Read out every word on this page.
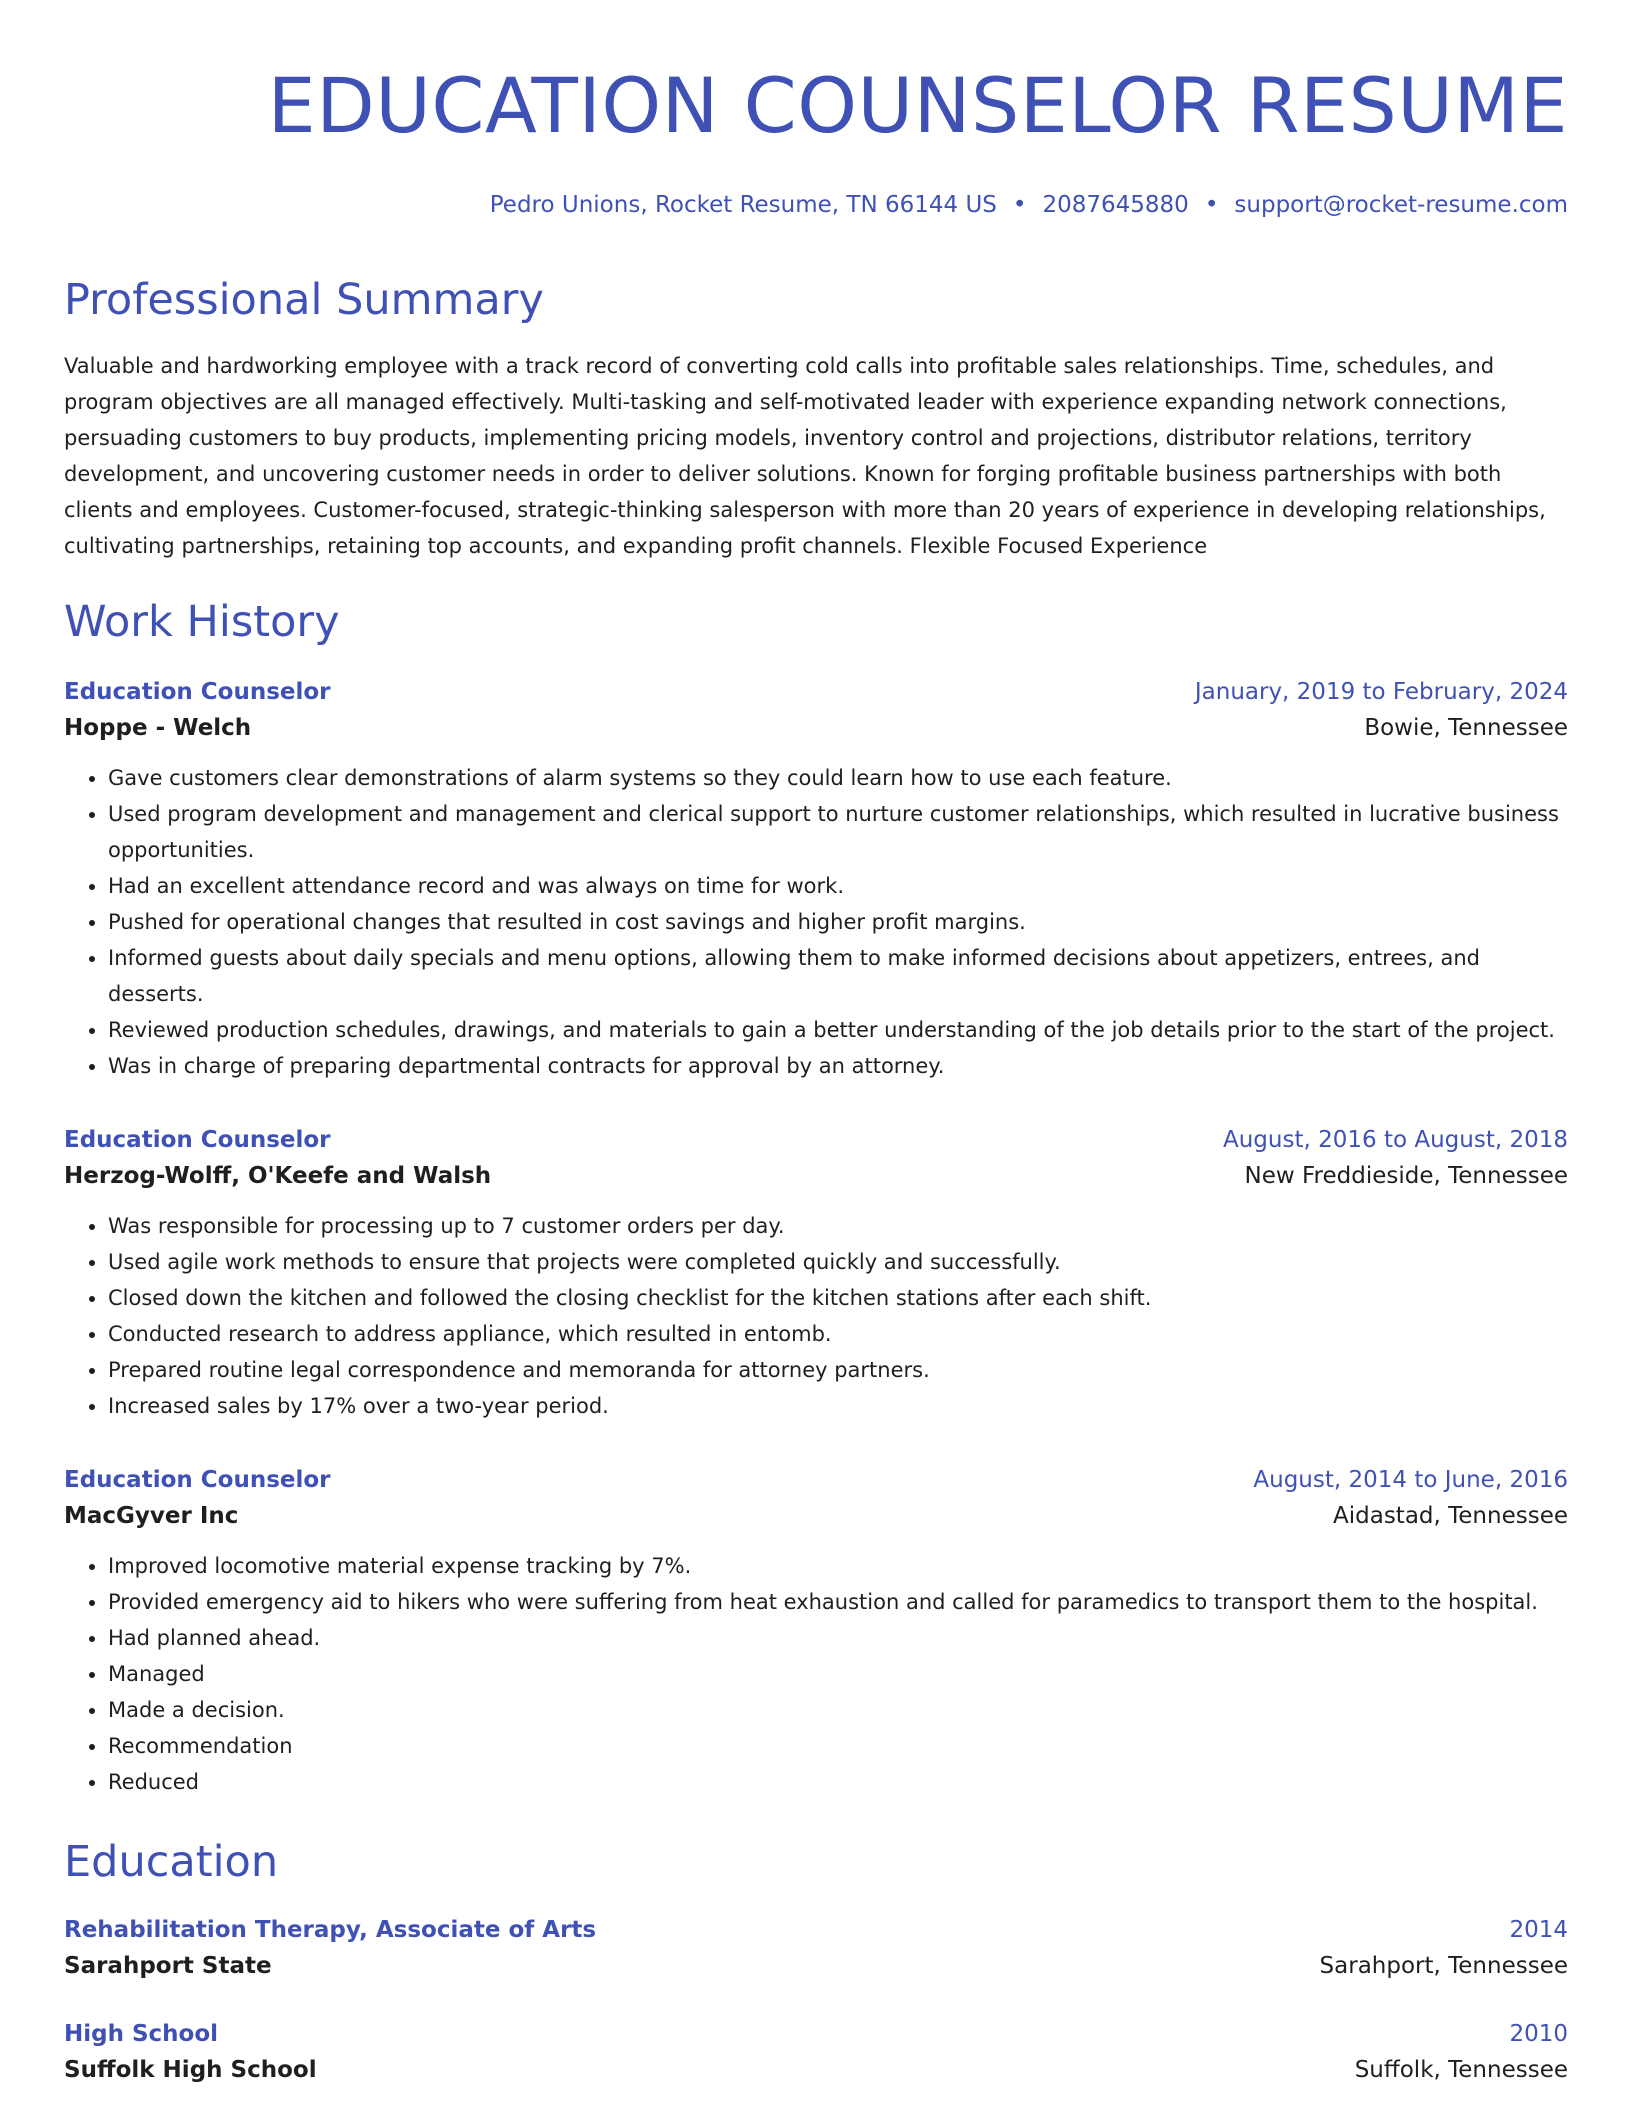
EDUCATION COUNSELOR RESUME
Pedro Unions, Rocket Resume, TN 66144 US • 2087645880 • support@rocket-resume.com
Professional Summary

Valuable and hardworking employee with a track record of converting cold calls into profitable sales relationships. Time, schedules, and program objectives are all managed effectively. Multi-tasking and self-motivated leader with experience expanding network connections, persuading customers to buy products, implementing pricing models, inventory control and projections, distributor relations, territory development, and uncovering customer needs in order to deliver solutions. Known for forging profitable business partnerships with both clients and employees. Customer-focused, strategic-thinking salesperson with more than 20 years of experience in developing relationships, cultivating partnerships, retaining top accounts, and expanding profit channels. Flexible Focused Experience

Work History
Education Counselor	January, 2019 to February, 2024
Hoppe - Welch	Bowie, Tennessee
• Gave customers clear demonstrations of alarm systems so they could learn how to use each feature.
• Used program development and management and clerical support to nurture customer relationships, which resulted in lucrative business opportunities.
• Had an excellent attendance record and was always on time for work.
• Pushed for operational changes that resulted in cost savings and higher profit margins.
• Informed guests about daily specials and menu options, allowing them to make informed decisions about appetizers, entrees, and desserts.
• Reviewed production schedules, drawings, and materials to gain a better understanding of the job details prior to the start of the project.
• Was in charge of preparing departmental contracts for approval by an attorney.
Education Counselor	August, 2016 to August, 2018
Herzog-Wolff, O'Keefe and Walsh	New Freddieside, Tennessee
• Was responsible for processing up to 7 customer orders per day.
• Used agile work methods to ensure that projects were completed quickly and successfully.
• Closed down the kitchen and followed the closing checklist for the kitchen stations after each shift.
• Conducted research to address appliance, which resulted in entomb.
• Prepared routine legal correspondence and memoranda for attorney partners.
• Increased sales by 17% over a two-year period.
Education Counselor	August, 2014 to June, 2016
MacGyver Inc	Aidastad, Tennessee
• Improved locomotive material expense tracking by 7%.
• Provided emergency aid to hikers who were suffering from heat exhaustion and called for paramedics to transport them to the hospital.
• Had planned ahead.
• Managed
• Made a decision.
• Recommendation
• Reduced
Education
Rehabilitation Therapy, Associate of Arts	2014
Sarahport State	Sarahport, Tennessee
High School	2010
Suffolk High School	Suffolk, Tennessee
